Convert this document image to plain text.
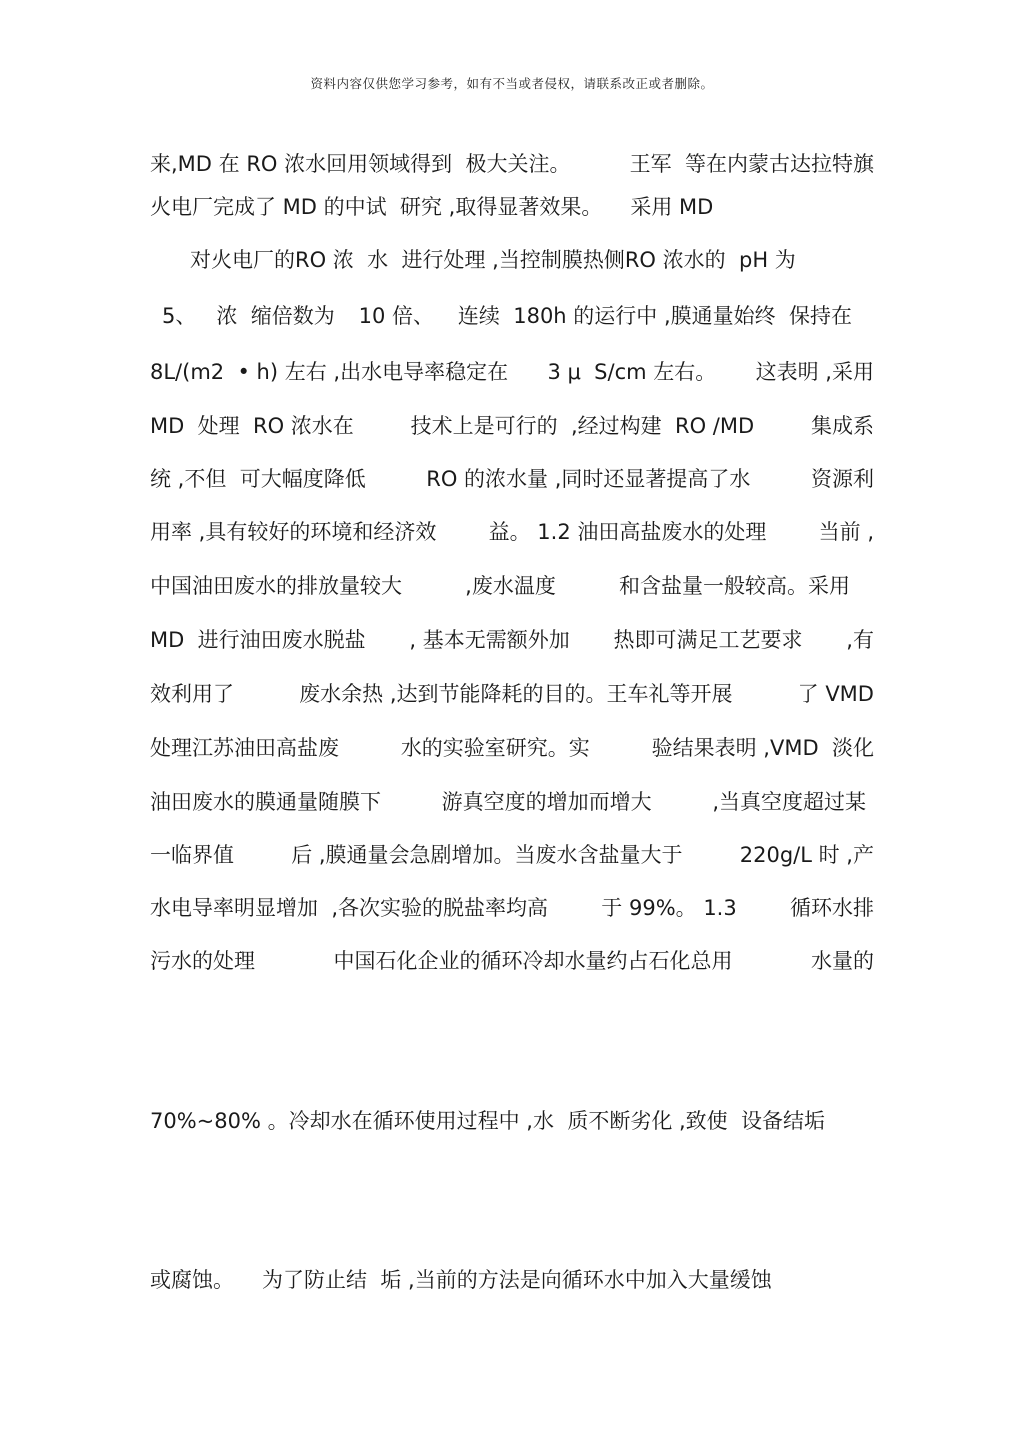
资料内容仅供您学习参考，如有不当或者侵权，请联系改正或者删除。
来,MD 在 RO 浓水回用领域得到  极大关注。	王军  等在内蒙古达拉特旗
火电厂完成了 MD 的中试  研究 ,取得显著效果。 采用 MD
对火电厂的RO 浓  水  进行处理 ,当控制膜热侧RO 浓水的  pH 为
5、   浓  缩倍数为 10 倍、 连续  180h 的运行中 ,膜通量始终  保持在
8L/(m2  • h) 左右 ,出水电导率稳定在 3 μ  S/cm 左右。 这表明 ,采用
MD  处理  RO 浓水在	技术上是可行的  ,经过构建  RO /MD	集成系
统 ,不但  可大幅度降低	RO 的浓水量 ,同时还显著提高了水	资源利
用率 ,具有较好的环境和经济效 益。 1.2 油田高盐废水的处理 当前 ,
中国油田废水的排放量较大	,废水温度	和含盐量一般较高。采用
MD  进行油田废水脱盐 , 基本无需额外加 热即可满足工艺要求 ,有
效利用了	废水余热 ,达到节能降耗的目的。王车礼等开展	了 VMD
处理江苏油田高盐废	水的实验室研究。实	验结果表明 ,VMD  淡化
油田废水的膜通量随膜下	游真空度的增加而增大	,当真空度超过某
一临界值	后 ,膜通量会急剧增加。当废水含盐量大于	220g/L 时 ,产
水电导率明显增加  ,各次实验的脱盐率均高	于 99%。 1.3	循环水排
污水的处理	中国石化企业的循环冷却水量约占石化总用	水量的
70%~80% 。冷却水在循环使用过程中 ,水  质不断劣化 ,致使  设备结垢
或腐蚀。 为了防止结  垢 ,当前的方法是向循环水中加入大量缓蚀
